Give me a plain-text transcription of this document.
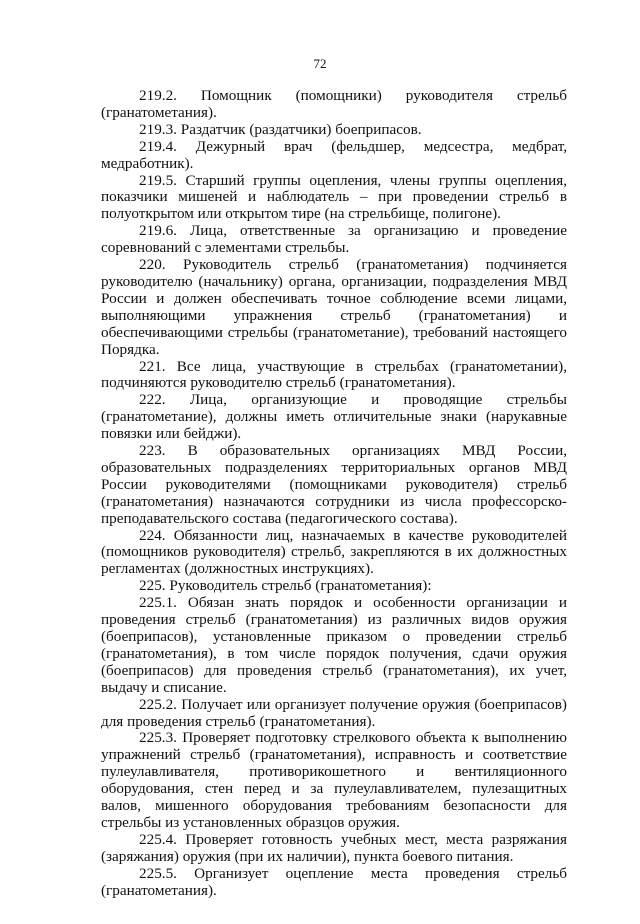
72

219.2. Помощник (помощники) руководителя стрельб (гранатометания).

219.3. Раздатчик (раздатчики) боеприпасов.

219.4. Дежурный врач (фельдшер, медсестра, медбрат, медработник).

219.5. Старший группы оцепления, члены группы оцепления, показчики мишеней и наблюдатель – при проведении стрельб в полуоткрытом или открытом тире (на стрельбище, полигоне).

219.6. Лица, ответственные за организацию и проведение соревнований с элементами стрельбы.

220. Руководитель стрельб (гранатометания) подчиняется руководителю (начальнику) органа, организации, подразделения МВД России и должен обеспечивать точное соблюдение всеми лицами, выполняющими упражнения стрельб (гранатометания) и обеспечивающими стрельбы (гранатометание), требований настоящего Порядка.

221. Все лица, участвующие в стрельбах (гранатометании), подчиняются руководителю стрельб (гранатометания).

222. Лица, организующие и проводящие стрельбы (гранатометание), должны иметь отличительные знаки (нарукавные повязки или бейджи).

223. В образовательных организациях МВД России, образовательных подразделениях территориальных органов МВД России руководителями (помощниками руководителя) стрельб (гранатометания) назначаются сотрудники из числа профессорско-преподавательского состава (педагогического состава).

224. Обязанности лиц, назначаемых в качестве руководителей (помощников руководителя) стрельб, закрепляются в их должностных регламентах (должностных инструкциях).

225. Руководитель стрельб (гранатометания):

225.1. Обязан знать порядок и особенности организации и проведения стрельб (гранатометания) из различных видов оружия (боеприпасов), установленные приказом о проведении стрельб (гранатометания), в том числе порядок получения, сдачи оружия (боеприпасов) для проведения стрельб (гранатометания), их учет, выдачу и списание.

225.2. Получает или организует получение оружия (боеприпасов) для проведения стрельб (гранатометания).

225.3. Проверяет подготовку стрелкового объекта к выполнению упражнений стрельб (гранатометания), исправность и соответствие пулеулавливателя, противорикошетного и вентиляционного оборудования, стен перед и за пулеулавливателем, пулезащитных валов, мишенного оборудования требованиям безопасности для стрельбы из установленных образцов оружия.

225.4. Проверяет готовность учебных мест, места разряжания (заряжания) оружия (при их наличии), пункта боевого питания.

225.5. Организует оцепление места проведения стрельб (гранатометания).
